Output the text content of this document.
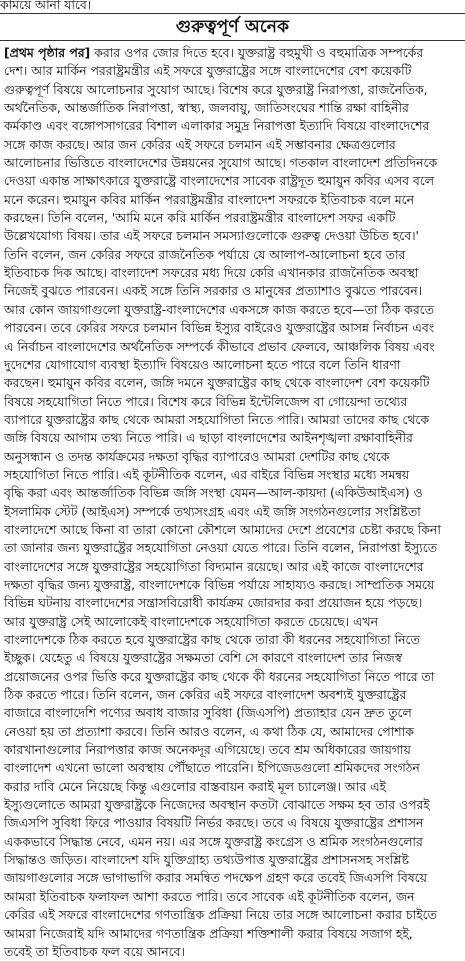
কাময়ে আনা যাবে।
গুরুত্বপূর্ণ অনেক
[প্রথম পৃষ্ঠার পর] করার ওপর জোর দিতে হবে। যুক্তরাষ্ট্র বহুমুখী ও বহুমাত্রিক সম্পর্কের
দেশ। আর মার্কিন পররাষ্ট্রমন্ত্রীর এই সফরে যুক্তরাষ্ট্রের সঙ্গে বাংলাদেশের বেশ কয়েকটি
গুরুত্বপূর্ণ বিষয়ে আলোচনার সুযোগ আছে। বিশেষ করে যুক্তরাষ্ট্র নিরাপত্তা, রাজনৈতিক,
অর্থনৈতিক, আন্তর্জাতিক নিরাপত্তা, স্বাস্থ্য, জলবায়ু, জাতিসংঘের শান্তি রক্ষা বাহিনীর
কর্মকাণ্ড এবং বঙ্গোপসাগরের বিশাল এলাকার সমুদ্র নিরাপত্তা ইত্যাদি বিষয়ে বাংলাদেশের
সঙ্গে কাজ করছে। আর জন কেরির এই সফরে চলমান এই সম্ভাবনার ক্ষেত্রগুলোর
আলোচনার ভিত্তিতে বাংলাদেশের উন্নয়নের সুযোগ আছে। গতকাল বাংলাদেশ প্রতিদিনকে
দেওয়া একান্ত সাক্ষাৎকারে যুক্তরাষ্ট্রে বাংলাদেশের সাবেক রাষ্ট্রদূত হুমায়ুন কবির এসব বলে
মনে করেন। হুমায়ুন কবির মার্কিন পররাষ্ট্রমন্ত্রীর বাংলাদেশ সফরকে ইতিবাচক বলে মনে
করছেন। তিনি বলেন, 'আমি মনে করি মার্কিন পররাষ্ট্রমন্ত্রীর বাংলাদেশ সফর একটি
উল্লেখযোগ্য বিষয়। তার এই সফরে চলমান সমস্যাগুলোকে গুরুত্ব দেওয়া উচিত হবে।'
তিনি বলেন, জন কেরির সফরে রাজনৈতিক পর্যায়ে যে আলাপ-আলোচনা হবে তার
ইতিবাচক দিক আছে। বাংলাদেশ সফরের মধ্য দিয়ে কেরি এখানকার রাজনৈতিক অবস্থা
নিজেই বুঝতে পারবেন। একই সঙ্গে তিনি সরকার ও মানুষের প্রত্যাশাও বুঝতে পারবেন।
আর কোন জায়গাগুলো যুক্তরাষ্ট্র-বাংলাদেশের একসঙ্গে কাজ করতে হবে—তা ঠিক করতে
পারবেন। তবে কেরির সফরে চলমান বিভিন্ন ইস্যুর বাইরেও যুক্তরাষ্ট্রের আসন্ন নির্বাচন এবং
এ নির্বাচন বাংলাদেশের অর্থনৈতিক সম্পর্কে কীভাবে প্রভাব ফেলবে, আঞ্চলিক বিষয় এবং
দুদেশের যোগাযোগ ব্যবস্থা ইত্যাদি বিষয়েও আলোচনা হতে পারে বলে তিনি ধারণা
করছেন। হুমায়ুন কবির বলেন, জঙ্গি দমনে যুক্তরাষ্ট্রের কাছ থেকে বাংলাদেশ বেশ কয়েকটি
বিষয়ে সহযোগিতা নিতে পারে। বিশেষ করে বিভিন্ন ইন্টেলিজেন্স বা গোয়েন্দা তথ্যের
ব্যাপারে যুক্তরাষ্ট্রের কাছ থেকে আমরা সহযোগিতা নিতে পারি। আমরা তাদের কাছ থেকে
জঙ্গি বিষয়ে আগাম তথ্য নিতে পারি। এ ছাড়া বাংলাদেশের আইনশৃঙ্খলা রক্ষাবাহিনীর
অনুসন্ধান ও তদন্ত কার্যক্রমের দক্ষতা বৃদ্ধির ব্যাপারেও আমরা দেশটির কাছ থেকে
সহযোগিতা নিতে পারি। এই কূটনীতিক বলেন, এর বাইরে বিভিন্ন সংস্থার মধ্যে সমন্বয়
বৃদ্ধি করা এবং আন্তর্জাতিক বিভিন্ন জঙ্গি সংস্থা যেমন—আল-কায়দা (একিউআইএস) ও
ইসলামিক স্টেট (আইএস) সম্পর্কে তথ্যসংগ্রহ এবং এই জঙ্গি সংগঠনগুলোর সংশ্লিষ্টতা
বাংলাদেশে আছে কিনা বা তারা কোনো কৌশলে আমাদের দেশে প্রবেশের চেষ্টা করছে কিনা
তা জানার জন্য যুক্তরাষ্ট্রের সহযোগিতা নেওয়া যেতে পারে। তিনি বলেন, নিরাপত্তা ইস্যুতে
বাংলাদেশের সঙ্গে যুক্তরাষ্ট্রের সহযোগিতা বিদ্যমান রয়েছে। আর এই কাজে বাংলাদেশের
দক্ষতা বৃদ্ধির জন্য যুক্তরাষ্ট্র, বাংলাদেশকে বিভিন্ন পর্যায়ে সাহায্যও করছে। সাম্প্রতিক সময়ে
বিভিন্ন ঘটনায় বাংলাদেশের সন্ত্রাসবিরোধী কার্যক্রম জোরদার করা প্রয়োজন হয়ে পড়ছে।
আর যুক্তরাষ্ট্র সেই আলোকেই বাংলাদেশকে সহযোগিতা করতে চেয়েছে। এখন
বাংলাদেশকে ঠিক করতে হবে যুক্তরাষ্ট্রের কাছ থেকে তারা কী ধরনের সহযোগিতা নিতে
ইচ্ছুক। যেহেতু এ বিষয়ে যুক্তরাষ্ট্রের সক্ষমতা বেশি সে কারণে বাংলাদেশ তার নিজস্ব
প্রয়োজনের ওপর ভিত্তি করে যুক্তরাষ্ট্রের কাছ থেকে কী ধরনের সহযোগিতা নিতে পারে তা
ঠিক করতে পারে। তিনি বলেন, জন কেরির এই সফরে বাংলাদেশ অবশ্যই যুক্তরাষ্ট্রের
বাজারে বাংলাদেশি পণ্যের অবাধ বাজার সুবিধা (জিএসপি) প্রত্যাহার যেন দ্রুত তুলে
নেওয়া হয় তা প্রত্যাশা করবে। তিনি আরও বলেন, এ কথা ঠিক যে, আমাদের পোশাক
কারখানাগুলোর নিরাপত্তার কাজ অনেকদূর এগিয়েছে। তবে শ্রম অধিকারের জায়গায়
বাংলাদেশ এখনো ভালো অবস্থায় পৌঁছাতে পারেনি। ইপিজেডগুলো শ্রমিকদের সংগঠন
করার দাবি মেনে নিয়েছে কিন্তু এগুলোর বাস্তবায়ন করাই মূল চ্যালেঞ্জ। আর এই
ইস্যুগুলোতে আমরা যুক্তরাষ্ট্রকে নিজেদের অবস্থান কতটা বোঝাতে সক্ষম হব তার ওপরই
জিএসপি সুবিধা ফিরে পাওয়ার বিষয়টি নির্ভর করছে। তবে এ বিষয়ে যুক্তরাষ্ট্রের প্রশাসন
এককভাবে সিদ্ধান্ত নেবে, এমন নয়। এর সঙ্গে যুক্তরাষ্ট্র কংগ্রেস ও শ্রমিক সংগঠনগুলোর
সিদ্ধান্তও জড়িত। বাংলাদেশ যদি যুক্তিগ্রাহ্য তথ্যউপাত্ত যুক্তরাষ্ট্রের প্রশাসনসহ সংশ্লিষ্ট
জায়গাগুলোর সঙ্গে ভাগাভাগি করার সমন্বিত পদক্ষেপ গ্রহণ করে তবেই জিএসপি বিষয়ে
আমরা ইতিবাচক ফলাফল আশা করতে পারি। তবে সাবেক এই কূটনীতিক বলেন, জন
কেরির এই সফরে বাংলাদেশের গণতান্ত্রিক প্রক্রিয়া নিয়ে তার সঙ্গে আলোচনা করার চাইতে
আমরা নিজেরাই যদি আমাদের গণতান্ত্রিক প্রক্রিয়া শক্তিশালী করার বিষয়ে সজাগ হই,
তবেই তা ইতিবাচক ফল বয়ে আনবে।
